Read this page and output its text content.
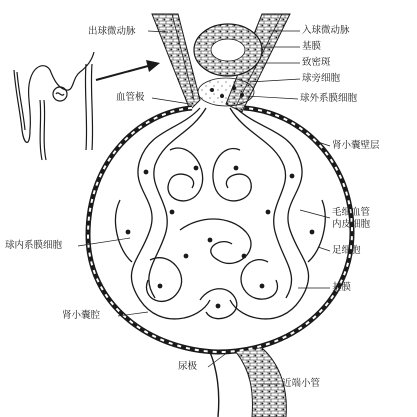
出球微动脉	入球微动脉
基膜
致密斑
球旁细胞
球外系膜细胞
血管极
肾小囊壁层
毛细血管
内皮细胞
球内系膜细胞	足细胞
基膜
肾小囊腔
尿极
近端小管
